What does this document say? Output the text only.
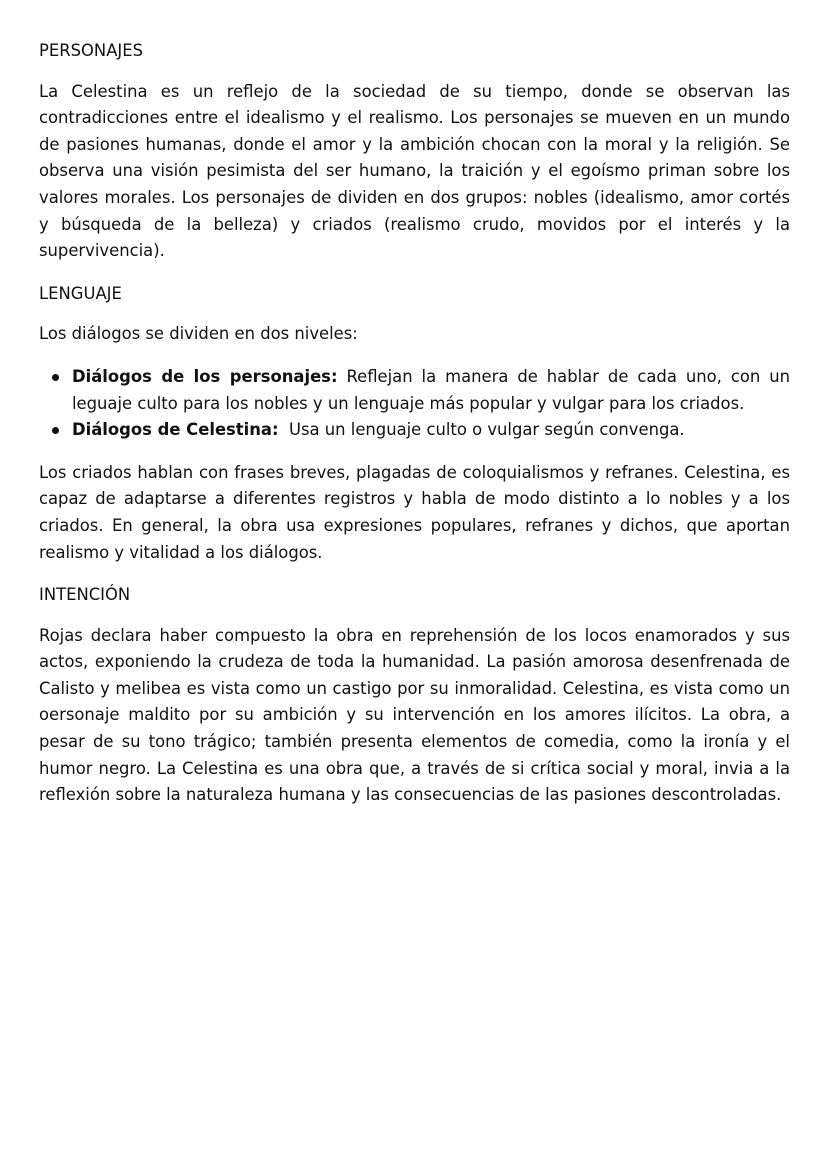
PERSONAJES

La Celestina es un reflejo de la sociedad de su tiempo, donde se observan las contradicciones entre el idealismo y el realismo. Los personajes se mueven en un mundo de pasiones humanas, donde el amor y la ambición chocan con la moral y la religión. Se observa una visión pesimista del ser humano, la traición y el egoísmo priman sobre los valores morales. Los personajes de dividen en dos grupos: nobles (idealismo, amor cortés y búsqueda de la belleza) y criados (realismo crudo, movidos por el interés y la supervivencia).

LENGUAJE

Los diálogos se dividen en dos niveles:

Diálogos de los personajes: Reflejan la manera de hablar de cada uno, con un leguaje culto para los nobles y un lenguaje más popular y vulgar para los criados.
Diálogos de Celestina:  Usa un lenguaje culto o vulgar según convenga.

Los criados hablan con frases breves, plagadas de coloquialismos y refranes. Celestina, es capaz de adaptarse a diferentes registros y habla de modo distinto a lo nobles y a los criados. En general, la obra usa expresiones populares, refranes y dichos, que aportan realismo y vitalidad a los diálogos.

INTENCIÓN

Rojas declara haber compuesto la obra en reprehensión de los locos enamorados y sus actos, exponiendo la crudeza de toda la humanidad. La pasión amorosa desenfrenada de Calisto y melibea es vista como un castigo por su inmoralidad. Celestina, es vista como un oersonaje maldito por su ambición y su intervención en los amores ilícitos. La obra, a pesar de su tono trágico; también presenta elementos de comedia, como la ironía y el humor negro. La Celestina es una obra que, a través de si crítica social y moral, invia a la reflexión sobre la naturaleza humana y las consecuencias de las pasiones descontroladas.
